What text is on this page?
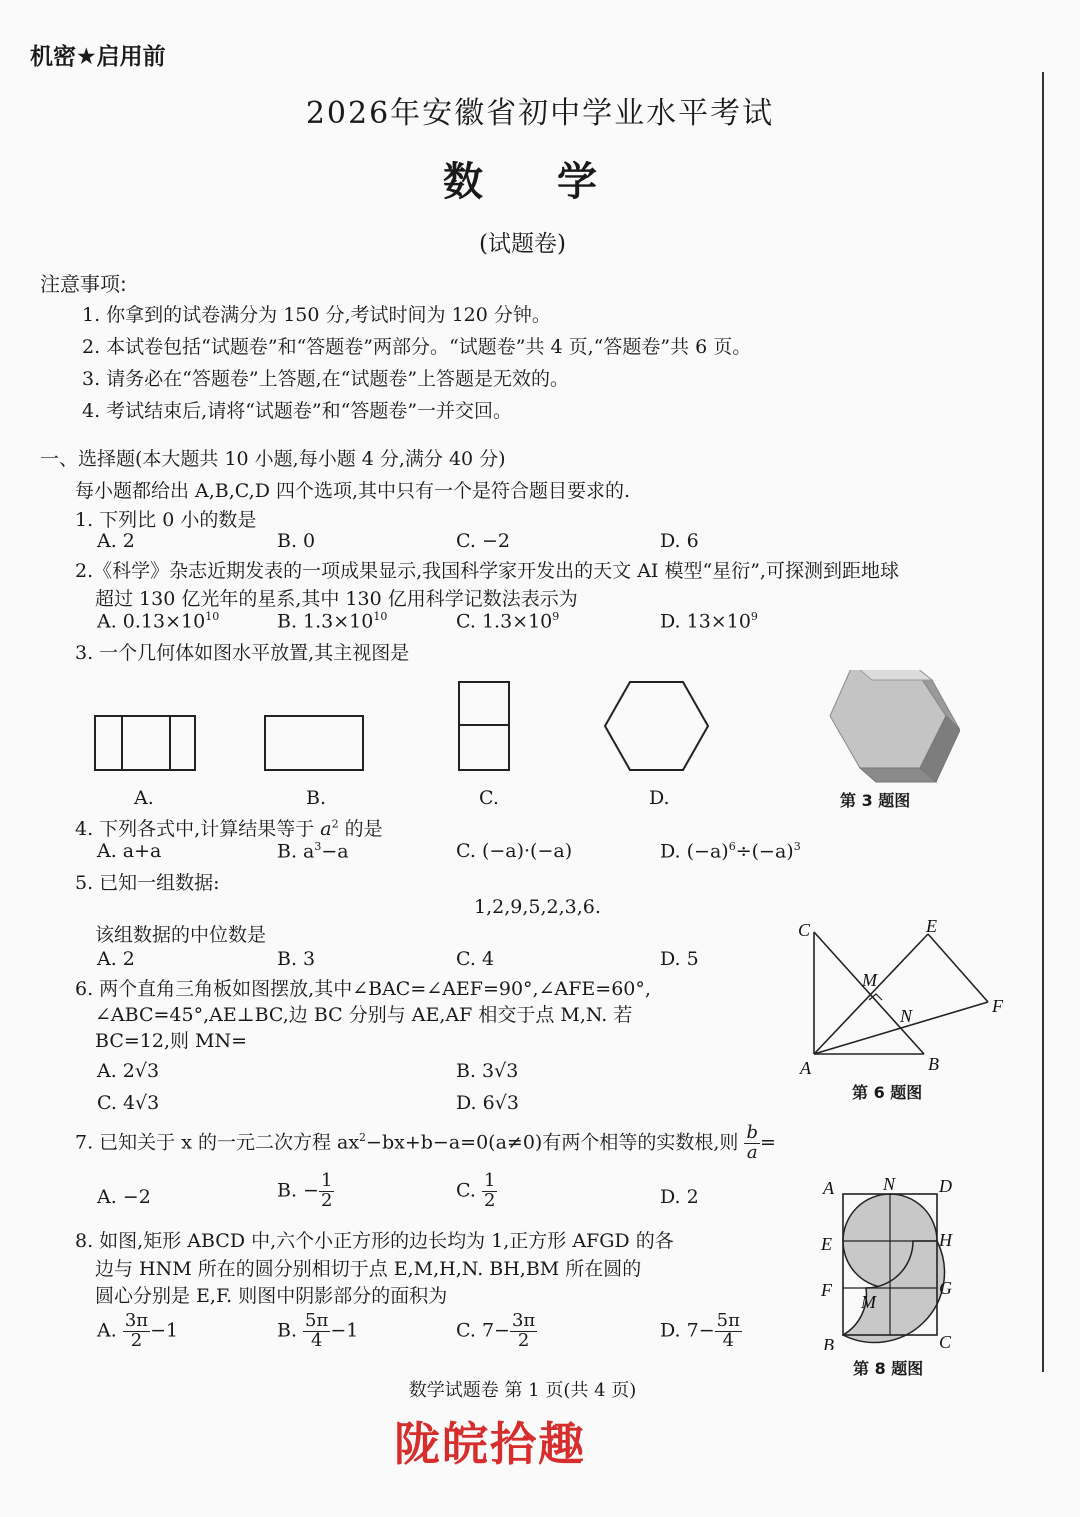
机密★启用前
2026年安徽省初中学业水平考试
数 学
(试题卷)
注意事项:
1. 你拿到的试卷满分为 150 分,考试时间为 120 分钟。
2. 本试卷包括“试题卷”和“答题卷”两部分。“试题卷”共 4 页,“答题卷”共 6 页。
3. 请务必在“答题卷”上答题,在“试题卷”上答题是无效的。
4. 考试结束后,请将“试题卷”和“答题卷”一并交回。
一、选择题(本大题共 10 小题,每小题 4 分,满分 40 分)
每小题都给出 A,B,C,D 四个选项,其中只有一个是符合题目要求的.
1. 下列比 0 小的数是
A. 2	B. 0	C. −2	D. 6
2.《科学》杂志近期发表的一项成果显示,我国科学家开发出的天文 AI 模型“星衍”,可探测到距地球
超过 130 亿光年的星系,其中 130 亿用科学记数法表示为
A. $0.13\times 10^{10}$	B. $1.3\times 10^{10}$	C. $1.3\times 10^9$	D. $13\times 10^9$
3. 一个几何体如图水平放置,其主视图是
A.	B.	C.	D.	第 3 题图
4. 下列各式中,计算结果等于 $a^2$ 的是
A. a+a	B. $a^3-a$	C. (−a)·(−a)	D. $(-a)^6\div(-a)^3$
5. 已知一组数据:
1,2,9,5,2,3,6.
该组数据的中位数是
A. 2	B. 3	C. 4	D. 5
6. 两个直角三角板如图摆放,其中∠BAC=∠AEF=90°,∠AFE=60°,
∠ABC=45°,AE⊥BC,边 BC 分别与 AE,AF 相交于点 M,N. 若
BC=12,则 MN=
A. 2√3	B. 3√3
C. 4√3	D. 6√3
C	E
M
N	F
A	B
第 6 题图
7. 已知关于 x 的一元二次方程 $ax^2-bx+b-a=0(a\ne 0)$有两个相等的实数根,则 $\frac{b}{a}$ =
A. −2	B. − $\frac{1}{2}$	C. $\frac{1}{2}$	D. 2
8. 如图,矩形 ABCD 中,六个小正方形的边长均为 1,正方形 AFGD 的各
边与 HNM 所在的圆分别相切于点 E,M,H,N. BH,BM 所在圆的
圆心分别是 E,F. 则图中阴影部分的面积为
A. $\frac{3\pi}{2} -1$	B. $\frac{5\pi}{4} -1$	C. $7- \frac{3\pi}{2}$	D. $7- \frac{5\pi}{4}$
A	N D
E	H
F	G
M
B	C
第 8 题图
数学试题卷 第 1 页(共 4 页)
陇皖拾趣
